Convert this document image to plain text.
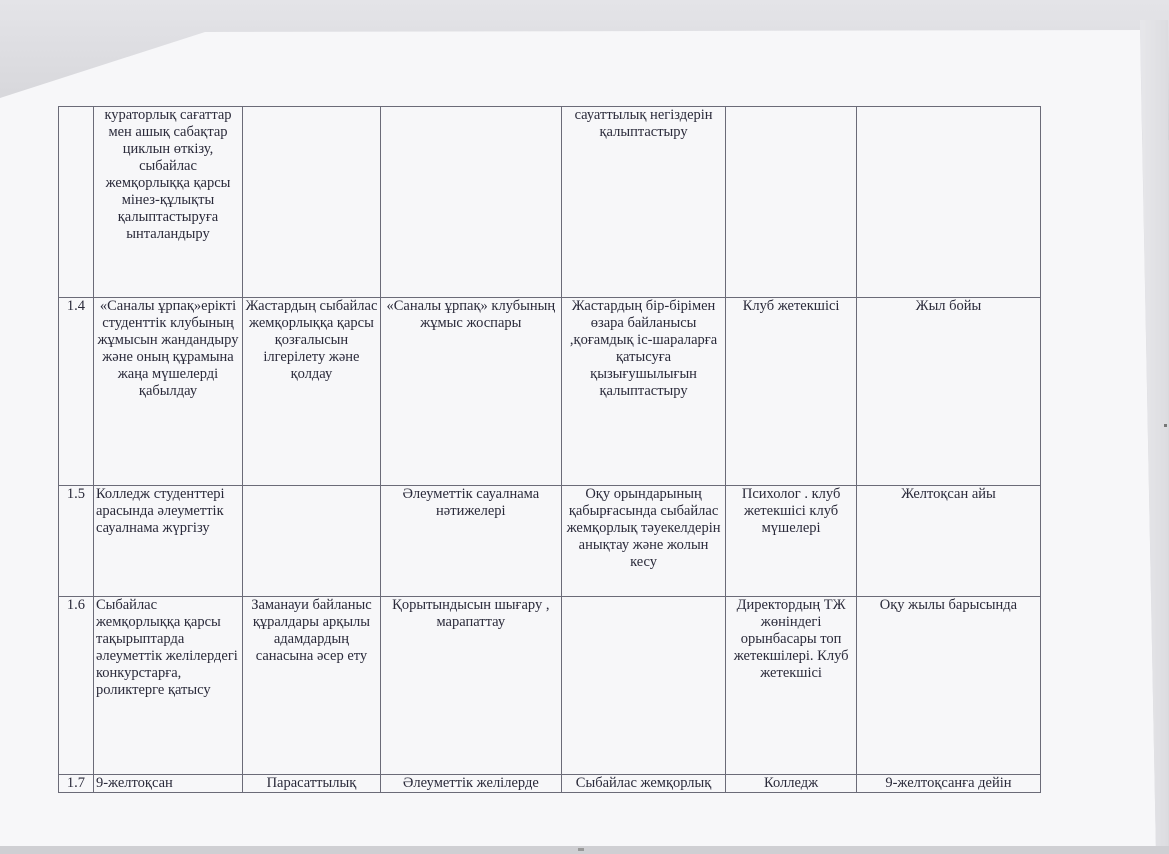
	кураторлық сағаттар мен ашық сабақтар циклын өткізу, сыбайлас жемқорлыққа қарсы мінез-құлықты қалыптастыруға ынталандыру			сауаттылық негіздерін қалыптастыру		
1.4	«Саналы ұрпақ»ерікті студенттік клубының жұмысын жандандыру және оның құрамына жаңа мүшелерді қабылдау	Жастардың сыбайлас жемқорлыққа қарсы қозғалысын ілгерілету және қолдау	«Саналы ұрпақ» клубының жұмыс жоспары	Жастардың бір-бірімен өзара байланысы ,қоғамдық іс-шараларға қатысуға қызығушылығын қалыптастыру	Клуб жетекшісі	Жыл бойы
1.5	Колледж студенттері арасында әлеуметтік сауалнама жүргізу		Әлеуметтік сауалнама нәтижелері	Оқу орындарының қабырғасында сыбайлас жемқорлық тәуекелдерін анықтау және жолын кесу	Психолог . клуб жетекшісі клуб мүшелері	Желтоқсан айы
1.6	Сыбайлас жемқорлыққа қарсы тақырыптарда әлеуметтік желілердегі конкурстарға, роликтерге қатысу	Заманауи байланыс құралдары арқылы адамдардың санасына әсер ету	Қорытындысын шығару , марапаттау		Директордың ТЖ жөніндегі орынбасары топ жетекшілері. Клуб жетекшісі	Оқу жылы барысында
1.7	9-желтоқсан	Парасаттылық	Әлеуметтік желілерде	Сыбайлас жемқорлық	Колледж	9-желтоқсанға дейін
